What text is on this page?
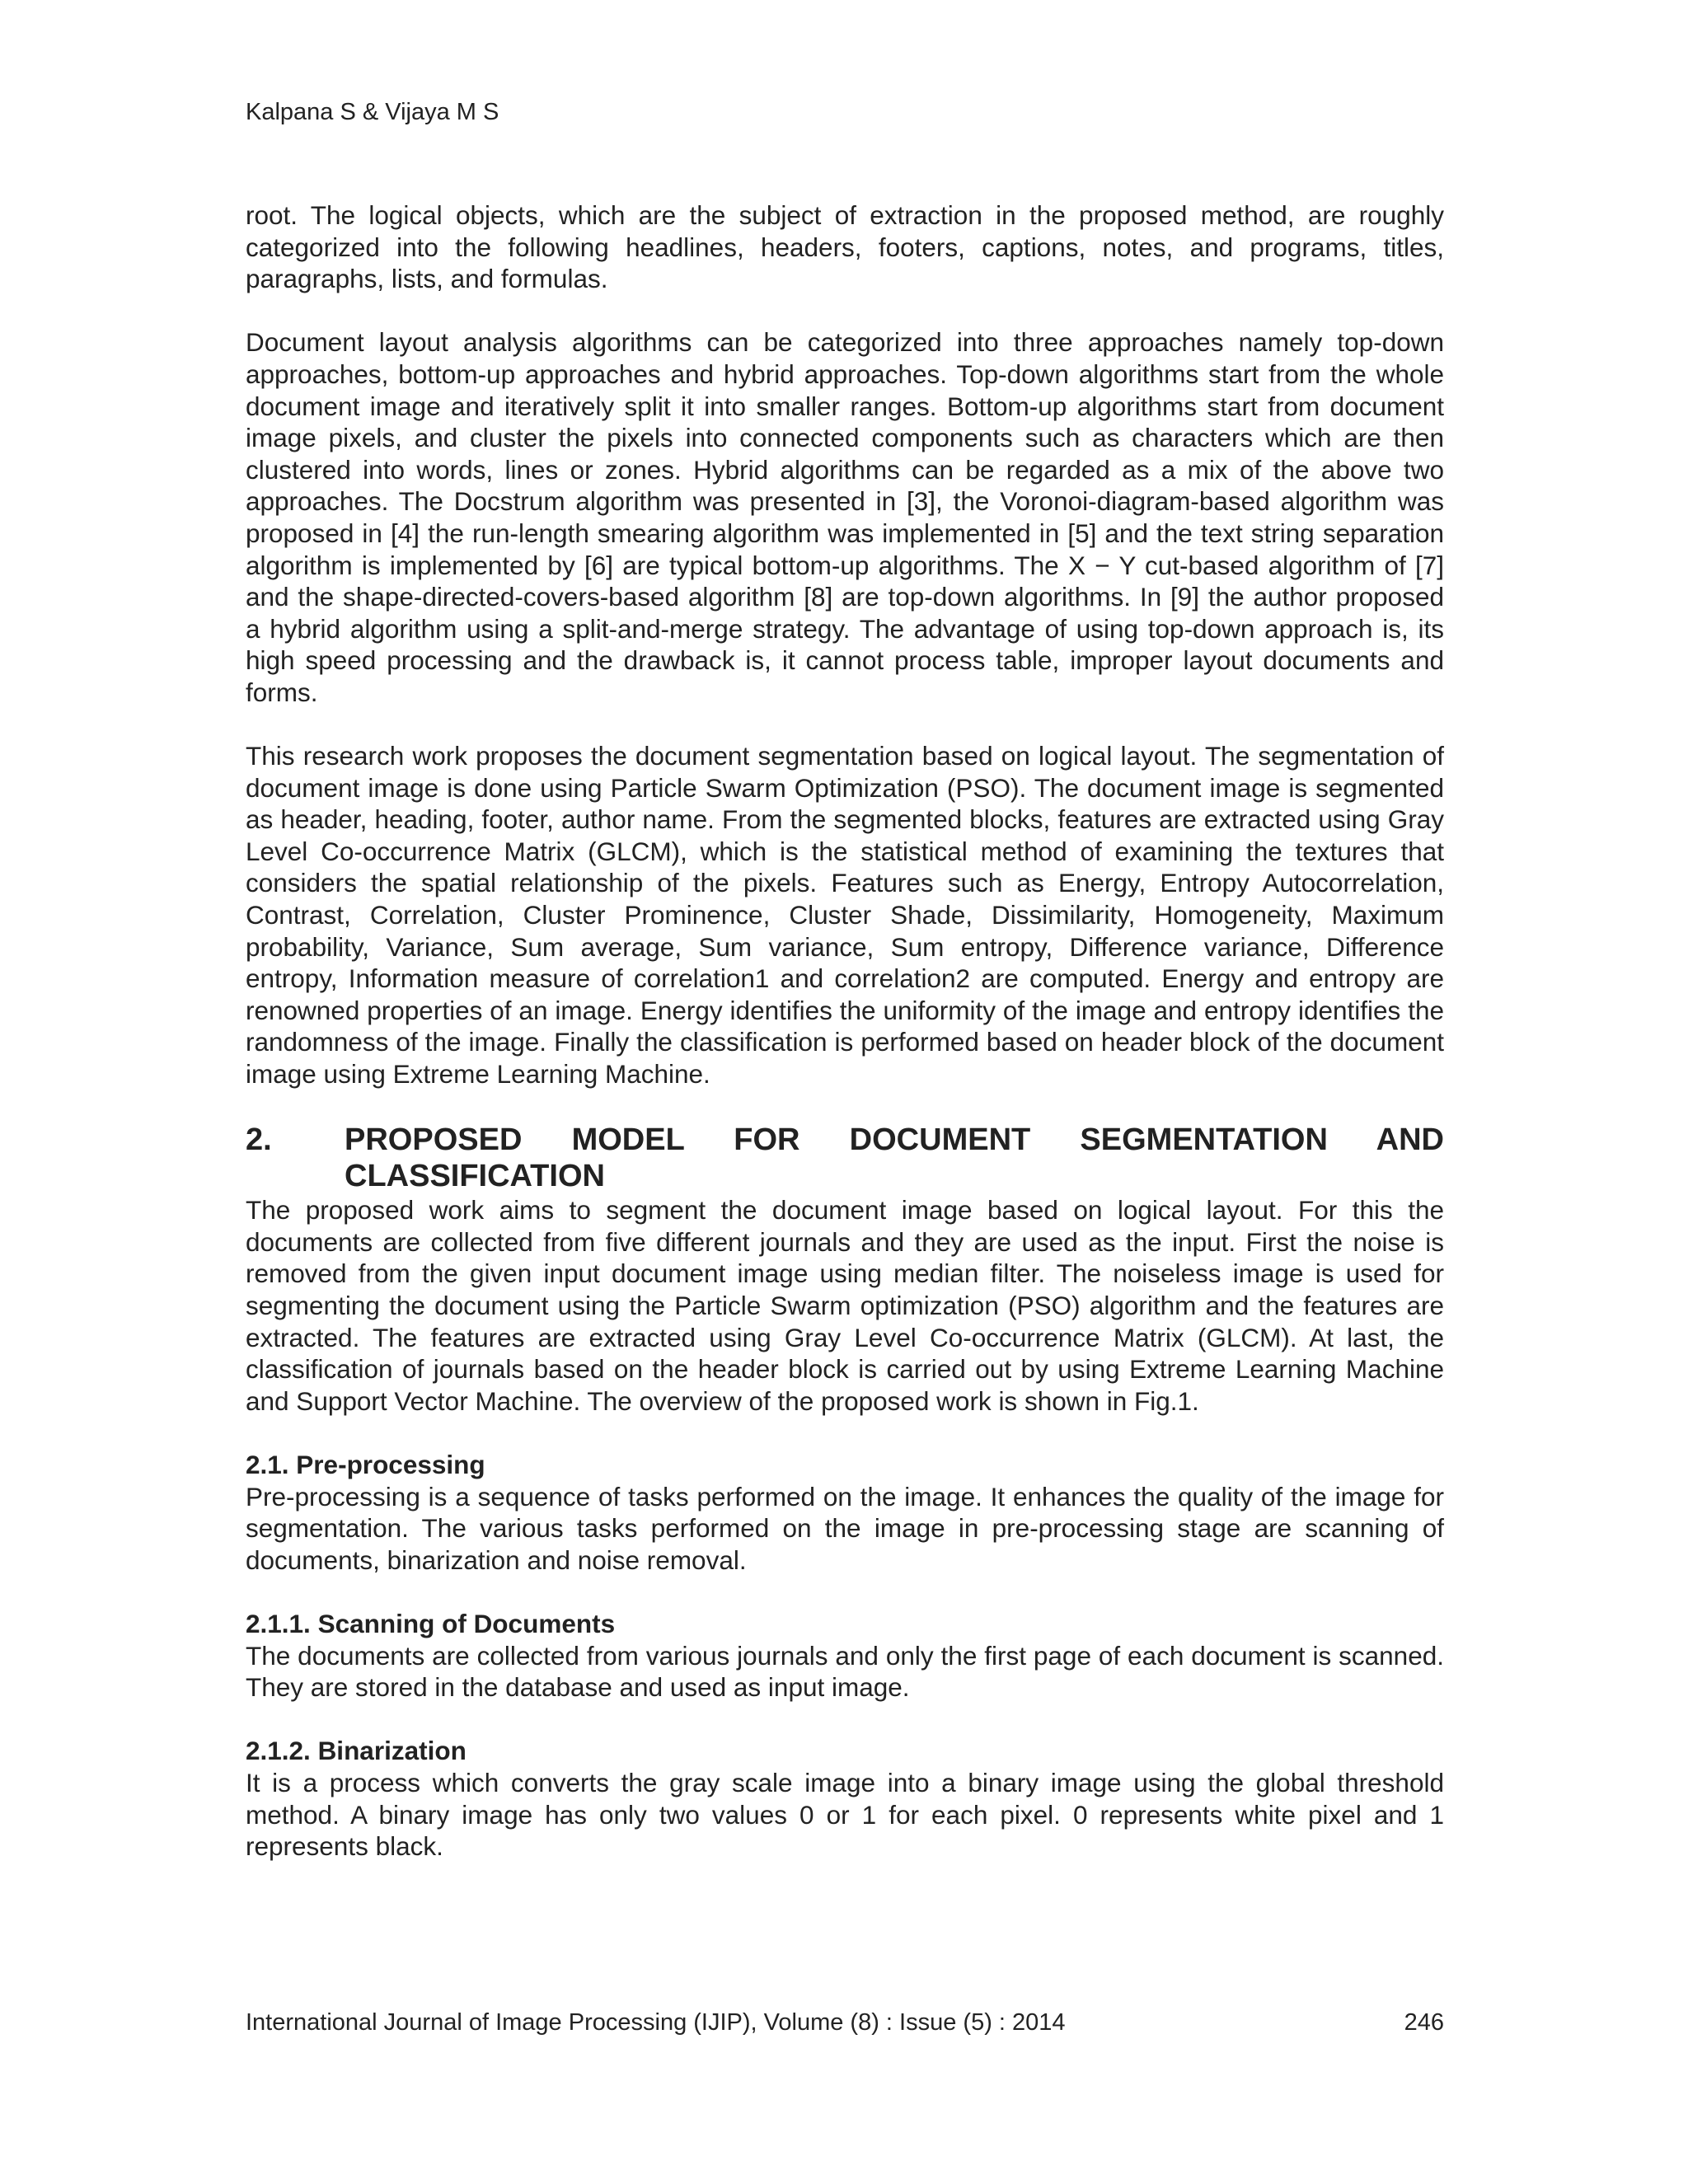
Kalpana S & Vijaya M S

root. The logical objects, which are the subject of extraction in the proposed method, are roughly categorized into the following headlines, headers, footers, captions, notes, and programs, titles, paragraphs, lists, and formulas.

Document layout analysis algorithms can be categorized into three approaches namely top-down approaches, bottom-up approaches and hybrid approaches. Top-down algorithms start from the whole document image and iteratively split it into smaller ranges. Bottom-up algorithms start from document image pixels, and cluster the pixels into connected components such as characters which are then clustered into words, lines or zones. Hybrid algorithms can be regarded as a mix of the above two approaches. The Docstrum algorithm was presented in [3], the Voronoi-diagram-based algorithm was proposed in [4] the run-length smearing algorithm was implemented in [5] and the text string separation algorithm is implemented by [6] are typical bottom-up algorithms. The X − Y cut-based algorithm of [7] and the shape-directed-covers-based algorithm [8] are top-down algorithms. In [9] the author proposed a hybrid algorithm using a split-and-merge strategy. The advantage of using top-down approach is, its high speed processing and the drawback is, it cannot process table, improper layout documents and forms.

This research work proposes the document segmentation based on logical layout. The segmentation of document image is done using Particle Swarm Optimization (PSO). The document image is segmented as header, heading, footer, author name. From the segmented blocks, features are extracted using Gray Level Co-occurrence Matrix (GLCM), which is the statistical method of examining the textures that considers the spatial relationship of the pixels. Features such as Energy, Entropy Autocorrelation, Contrast, Correlation, Cluster Prominence, Cluster Shade, Dissimilarity, Homogeneity, Maximum probability, Variance, Sum average, Sum variance, Sum entropy, Difference variance, Difference entropy, Information measure of correlation1 and correlation2 are computed. Energy and entropy are renowned properties of an image. Energy identifies the uniformity of the image and entropy identifies the randomness of the image. Finally the classification is performed based on header block of the document image using Extreme Learning Machine.

2.	PROPOSED MODEL FOR DOCUMENT SEGMENTATION AND CLASSIFICATION

The proposed work aims to segment the document image based on logical layout. For this the documents are collected from five different journals and they are used as the input. First the noise is removed from the given input document image using median filter. The noiseless image is used for segmenting the document using the Particle Swarm optimization (PSO) algorithm and the features are extracted. The features are extracted using Gray Level Co-occurrence Matrix (GLCM). At last, the classification of journals based on the header block is carried out by using Extreme Learning Machine and Support Vector Machine. The overview of the proposed work is shown in Fig.1.

2.1. Pre-processing

Pre-processing is a sequence of tasks performed on the image. It enhances the quality of the image for segmentation. The various tasks performed on the image in pre-processing stage are scanning of documents, binarization and noise removal.

2.1.1. Scanning of Documents

The documents are collected from various journals and only the first page of each document is scanned. They are stored in the database and used as input image.

2.1.2. Binarization

It is a process which converts the gray scale image into a binary image using the global threshold method. A binary image has only two values 0 or 1 for each pixel. 0 represents white pixel and 1 represents black.

International Journal of Image Processing (IJIP), Volume (8) : Issue (5) : 2014	246
